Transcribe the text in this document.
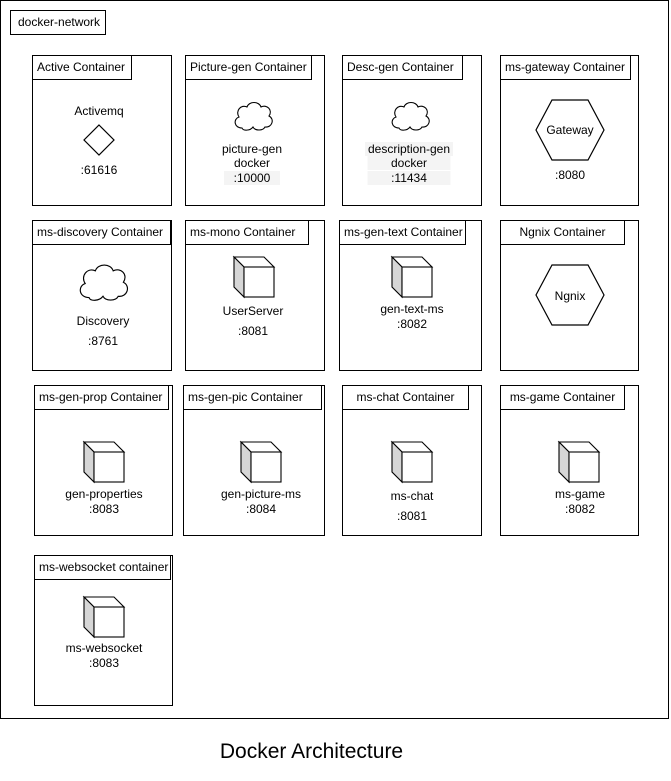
docker-network
Active Container
Activemq
:61616
Picture-gen Container
picture-gen
docker
:10000
Desc-gen Container
description-gen
docker
:11434
ms-gateway Container
Gateway
:8080
ms-discovery Container
Discovery
:8761
ms-mono Container
UserServer
:8081
ms-gen-text Container
gen-text-ms
:8082
Ngnix Container
Ngnix
ms-gen-prop Container
gen-properties
:8083
ms-gen-pic Container
gen-picture-ms
:8084
ms-chat Container
ms-chat
:8081
ms-game Container
ms-game
:8082
ms-websocket container
ms-websocket
:8083
Docker Architecture
